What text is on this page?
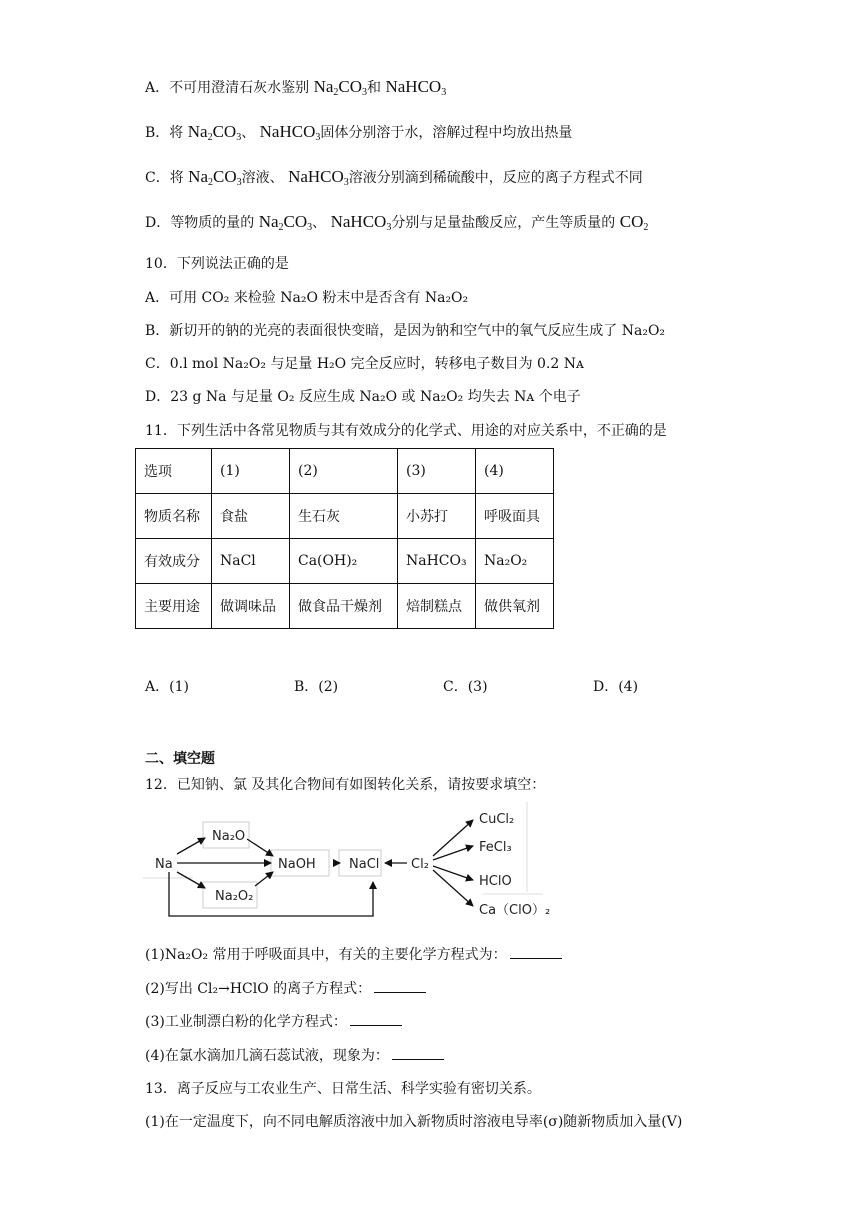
A．不可用澄清石灰水鉴别 $Na_2CO_3$和 NaHCO$_3$
B．将 $Na_2CO_3$、 NaHCO$_3$固体分别溶于水，溶解过程中均放出热量
C．将 $Na_2CO_3$溶液、 NaHCO$_3$溶液分别滴到稀硫酸中，反应的离子方程式不同
D．等物质的量的 $Na_2CO_3$、 NaHCO$_3$分别与足量盐酸反应，产生等质量的 $CO_2$
10．下列说法正确的是
A．可用 CO₂ 来检验 Na₂O 粉末中是否含有 Na₂O₂
B．新切开的钠的光亮的表面很快变暗，是因为钠和空气中的氧气反应生成了 Na₂O₂
C．0.l mol Na₂O₂ 与足量 H₂O 完全反应时，转移电子数目为 0.2 Nᴀ
D．23 g Na 与足量 O₂ 反应生成 Na₂O 或 Na₂O₂ 均失去 Nᴀ 个电子
11．下列生活中各常见物质与其有效成分的化学式、用途的对应关系中，不正确的是
选项	(1)	(2)	(3)	(4)
物质名称	食盐	生石灰	小苏打	呼吸面具
有效成分	NaCl	Ca(OH)₂	NaHCO₃	Na₂O₂
主要用途	做调味品	做食品干燥剂	焙制糕点	做供氧剂
A．(1)	B．(2)	C．(3)	D．(4)
二、填空题
12．已知钠、氯 及其化合物间有如图转化关系，请按要求填空：
Na
Na₂O
Na₂O₂
NaOH	NaCl Cl₂
CuCl₂
FeCl₃
HClO
Ca（ClO）₂
(1)Na₂O₂ 常用于呼吸面具中，有关的主要化学方程式为：
(2)写出 Cl₂→HClO 的离子方程式：
(3)工业制漂白粉的化学方程式：
(4)在氯水滴加几滴石蕊试液，现象为：
13．离子反应与工农业生产、日常生活、科学实验有密切关系。
(1)在一定温度下，向不同电解质溶液中加入新物质时溶液电导率(σ)随新物质加入量(V)
